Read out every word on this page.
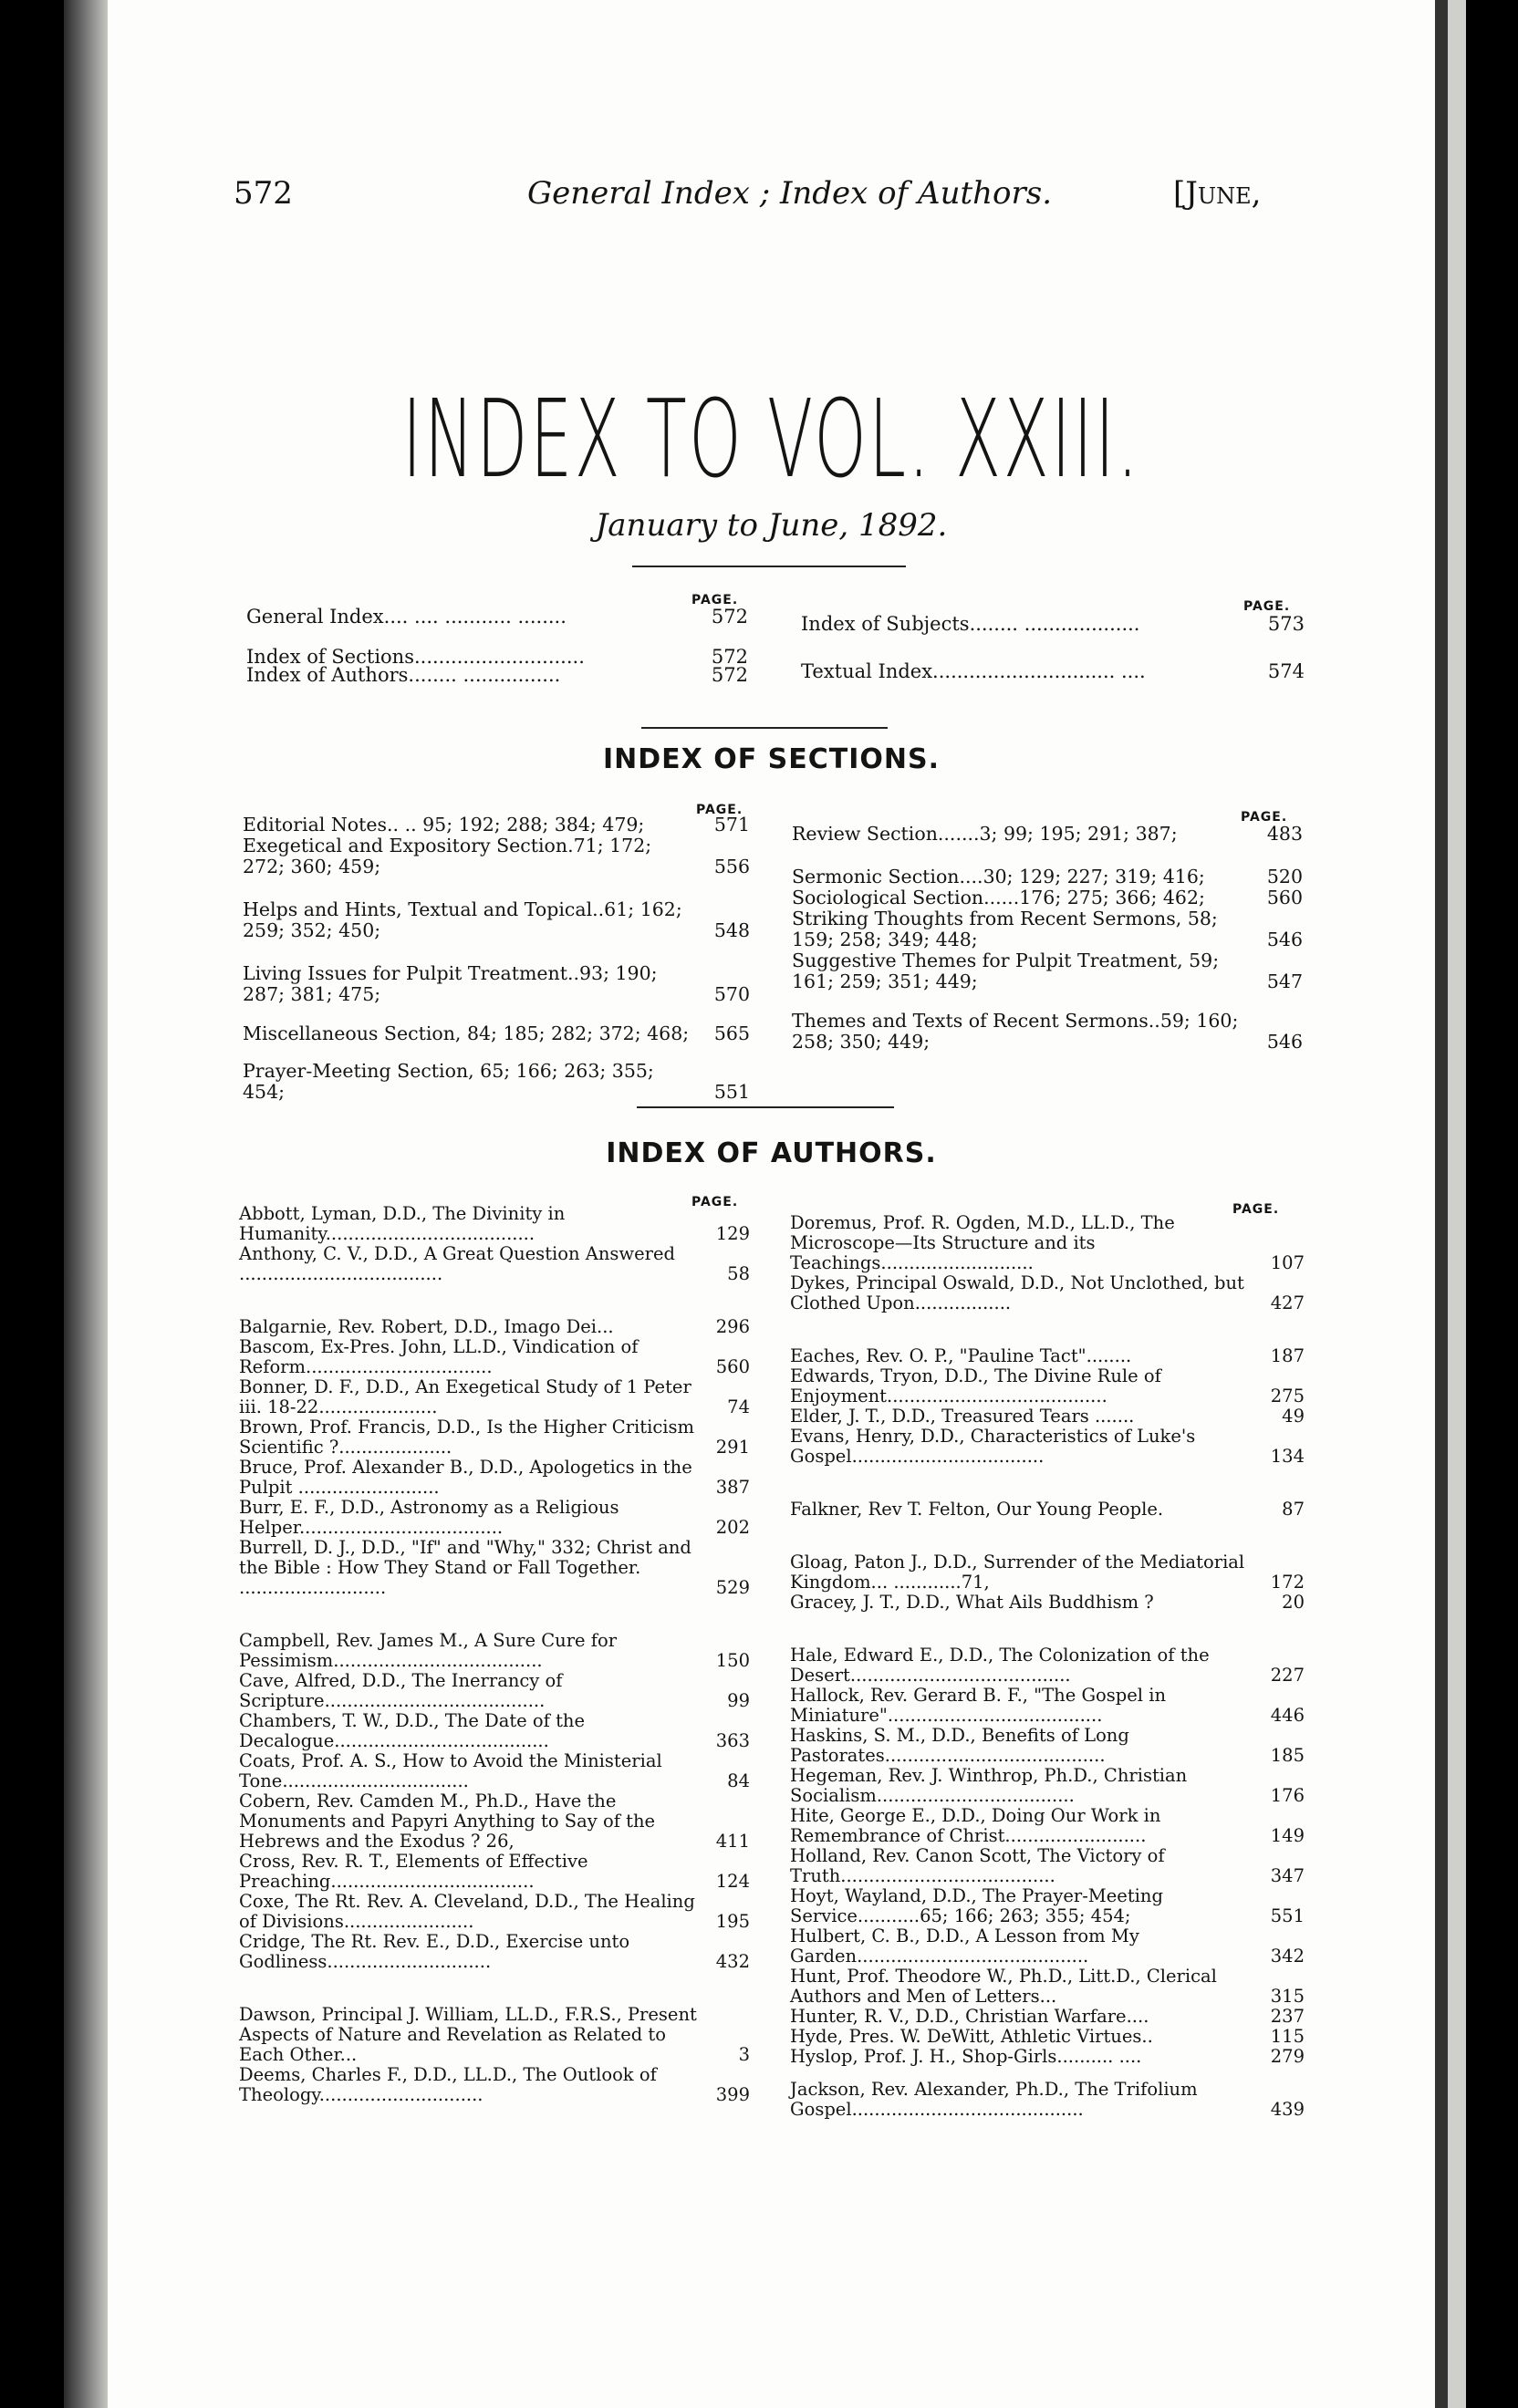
572	General Index ; Index of Authors.	[June,
INDEX TO VOL. XXIII.
January to June, 1892.
PAGE.	PAGE.
General Index.... .... ........... ........	572
Index of Sections............................	572
Index of Authors........ ................	572
Index of Subjects........ ...................	573
Textual Index.............................. ....	574
INDEX OF SECTIONS.
PAGE.	PAGE.
Editorial Notes.. .. 95; 192; 288; 384; 479;	571
Exegetical and Expository Section.71; 172; 272; 360; 459;	556
Helps and Hints, Textual and Topical..61; 162; 259; 352; 450;	548
Living Issues for Pulpit Treatment..93; 190; 287; 381; 475;	570
Miscellaneous Section, 84; 185; 282; 372; 468;	565
Prayer-Meeting Section, 65; 166; 263; 355; 454;	551
Review Section.......3; 99; 195; 291; 387;	483
Sermonic Section....30; 129; 227; 319; 416;	520
Sociological Section......176; 275; 366; 462;	560
Striking Thoughts from Recent Sermons, 58; 159; 258; 349; 448;	546
Suggestive Themes for Pulpit Treatment, 59; 161; 259; 351; 449;	547
Themes and Texts of Recent Sermons..59; 160; 258; 350; 449;	546
INDEX OF AUTHORS.
PAGE.	PAGE.
Abbott, Lyman, D.D., The Divinity in Humanity.....................................	129
Anthony, C. V., D.D., A Great Question Answered ....................................	58
Balgarnie, Rev. Robert, D.D., Imago Dei...	296
Bascom, Ex-Pres. John, LL.D., Vindication of Reform.................................	560
Bonner, D. F., D.D., An Exegetical Study of 1 Peter iii. 18-22.....................	74
Brown, Prof. Francis, D.D., Is the Higher Criticism Scientific ?....................	291
Bruce, Prof. Alexander B., D.D., Apologetics in the Pulpit .........................	387
Burr, E. F., D.D., Astronomy as a Religious Helper....................................	202
Burrell, D. J., D.D., "If" and "Why," 332; Christ and the Bible : How They Stand or Fall Together. ..........................	529
Campbell, Rev. James M., A Sure Cure for Pessimism.....................................	150
Cave, Alfred, D.D., The Inerrancy of Scripture.......................................	99
Chambers, T. W., D.D., The Date of the Decalogue......................................	363
Coats, Prof. A. S., How to Avoid the Ministerial Tone.................................	84
Cobern, Rev. Camden M., Ph.D., Have the Monuments and Papyri Anything to Say of the Hebrews and the Exodus ? 26,	411
Cross, Rev. R. T., Elements of Effective Preaching....................................	124
Coxe, The Rt. Rev. A. Cleveland, D.D., The Healing of Divisions.......................	195
Cridge, The Rt. Rev. E., D.D., Exercise unto Godliness.............................	432
Dawson, Principal J. William, LL.D., F.R.S., Present Aspects of Nature and Revelation as Related to Each Other...	3
Deems, Charles F., D.D., LL.D., The Outlook of Theology.............................	399
Doremus, Prof. R. Ogden, M.D., LL.D., The Microscope—Its Structure and its Teachings...........................	107
Dykes, Principal Oswald, D.D., Not Unclothed, but Clothed Upon.................	427
Eaches, Rev. O. P., "Pauline Tact"........	187
Edwards, Tryon, D.D., The Divine Rule of Enjoyment.......................................	275
Elder, J. T., D.D., Treasured Tears .......	49
Evans, Henry, D.D., Characteristics of Luke's Gospel..................................	134
Falkner, Rev T. Felton, Our Young People.	87
Gloag, Paton J., D.D., Surrender of the Mediatorial Kingdom... ............71,	172
Gracey, J. T., D.D., What Ails Buddhism ?	20
Hale, Edward E., D.D., The Colonization of the Desert.......................................	227
Hallock, Rev. Gerard B. F., "The Gospel in Miniature"......................................	446
Haskins, S. M., D.D., Benefits of Long Pastorates.......................................	185
Hegeman, Rev. J. Winthrop, Ph.D., Christian Socialism...................................	176
Hite, George E., D.D., Doing Our Work in Remembrance of Christ.........................	149
Holland, Rev. Canon Scott, The Victory of Truth......................................	347
Hoyt, Wayland, D.D., The Prayer-Meeting Service...........65; 166; 263; 355; 454;	551
Hulbert, C. B., D.D., A Lesson from My Garden.........................................	342
Hunt, Prof. Theodore W., Ph.D., Litt.D., Clerical Authors and Men of Letters...	315
Hunter, R. V., D.D., Christian Warfare....	237
Hyde, Pres. W. DeWitt, Athletic Virtues..	115
Hyslop, Prof. J. H., Shop-Girls.......... ....	279
Jackson, Rev. Alexander, Ph.D., The Trifolium Gospel.........................................	439
